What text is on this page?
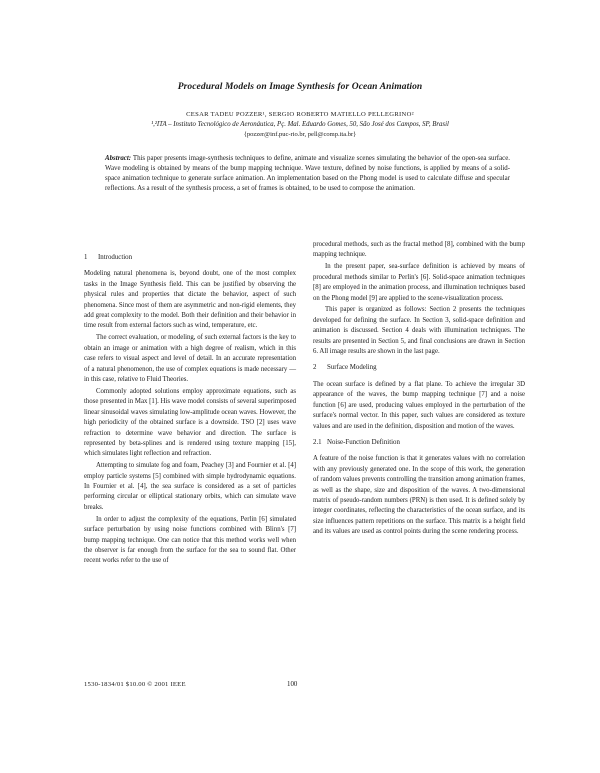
Procedural Models on Image Synthesis for Ocean Animation
CESAR TADEU POZZER¹, SERGIO ROBERTO MATIELLO PELLEGRINO²
¹,²ITA – Instituto Tecnológico de Aeronáutica, Pç. Mal. Eduardo Gomes, 50, São José dos Campos, SP, Brasil
{pozzer@inf.puc-rio.br, pell@comp.ita.br}
Abstract: This paper presents image-synthesis techniques to define, animate and visualize scenes simulating the behavior of the open-sea surface. Wave modeling is obtained by means of the bump mapping technique. Wave texture, defined by noise functions, is applied by means of a solid-space animation technique to generate surface animation. An implementation based on the Phong model is used to calculate diffuse and specular reflections. As a result of the synthesis process, a set of frames is obtained, to be used to compose the animation.
1 Introduction

Modeling natural phenomena is, beyond doubt, one of the most complex tasks in the Image Synthesis field. This can be justified by observing the physical rules and properties that dictate the behavior, aspect of such phenomena. Since most of them are asymmetric and non-rigid elements, they add great complexity to the model. Both their definition and their behavior in time result from external factors such as wind, temperature, etc.

The correct evaluation, or modeling, of such external factors is the key to obtain an image or animation with a high degree of realism, which in this case refers to visual aspect and level of detail. In an accurate representation of a natural phenomenon, the use of complex equations is made necessary — in this case, relative to Fluid Theories.

Commonly adopted solutions employ approximate equations, such as those presented in Max [1]. His wave model consists of several superimposed linear sinusoidal waves simulating low-amplitude ocean waves. However, the high periodicity of the obtained surface is a downside. TSO [2] uses wave refraction to determine wave behavior and direction. The surface is represented by beta-splines and is rendered using texture mapping [15], which simulates light reflection and refraction.

Attempting to simulate fog and foam, Peachey [3] and Fournier et al. [4] employ particle systems [5] combined with simple hydrodynamic equations. In Fournier et al. [4], the sea surface is considered as a set of particles performing circular or elliptical stationary orbits, which can simulate wave breaks.

In order to adjust the complexity of the equations, Perlin [6] simulated surface perturbation by using noise functions combined with Blinn's [7] bump mapping technique. One can notice that this method works well when the observer is far enough from the surface for the sea to sound flat. Other recent works refer to the use of

procedural methods, such as the fractal method [8], combined with the bump mapping technique.

In the present paper, sea-surface definition is achieved by means of procedural methods similar to Perlin's [6]. Solid-space animation techniques [8] are employed in the animation process, and illumination techniques based on the Phong model [9] are applied to the scene-visualization process.

This paper is organized as follows: Section 2 presents the techniques developed for defining the surface. In Section 3, solid-space definition and animation is discussed. Section 4 deals with illumination techniques. The results are presented in Section 5, and final conclusions are drawn in Section 6. All image results are shown in the last page.

2 Surface Modeling

The ocean surface is defined by a flat plane. To achieve the irregular 3D appearance of the waves, the bump mapping technique [7] and a noise function [6] are used, producing values employed in the perturbation of the surface's normal vector. In this paper, such values are considered as texture values and are used in the definition, disposition and motion of the waves.

2.1 Noise-Function Definition

A feature of the noise function is that it generates values with no correlation with any previously generated one. In the scope of this work, the generation of random values prevents controlling the transition among animation frames, as well as the shape, size and disposition of the waves. A two-dimensional matrix of pseudo-random numbers (PRN) is then used. It is defined solely by integer coordinates, reflecting the characteristics of the ocean surface, and its size influences pattern repetitions on the surface. This matrix is a height field and its values are used as control points during the scene rendering process.

1530-1834/01 $10.00 © 2001 IEEE	100
